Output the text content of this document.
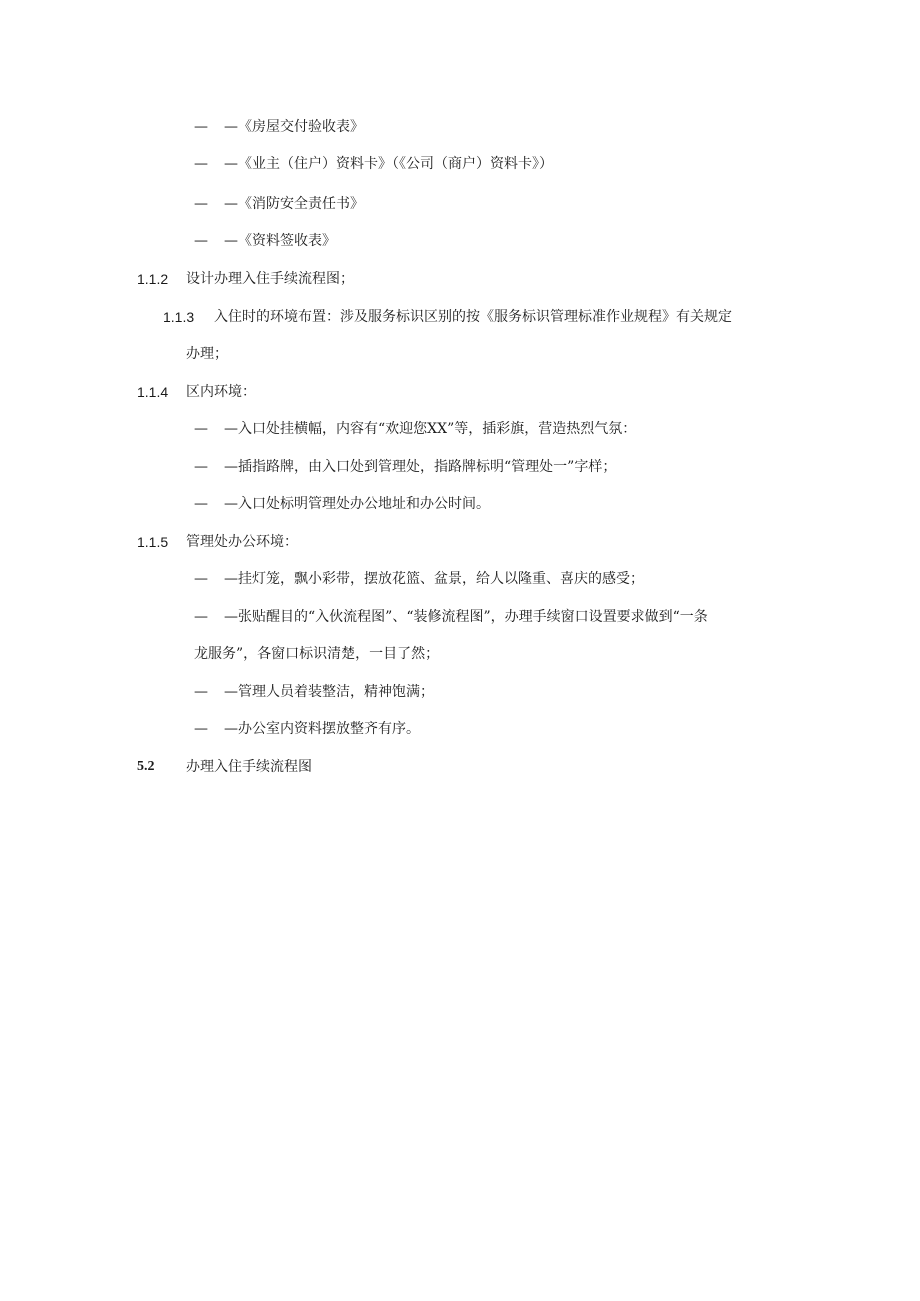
— —《房屋交付验收表》
— —《业主（住户）资料卡》（《公司（商户）资料卡》）
— —《消防安全责任书》
— —《资料签收表》
1.1.2 设计办理入住手续流程图；
1.1.3 入住时的环境布置：涉及服务标识区别的按《服务标识管理标准作业规程》有关规定
办理；
1.1.4 区内环境：
— —入口处挂横幅，内容有“欢迎您XX”等，插彩旗，营造热烈气氛：
— —插指路牌，由入口处到管理处，指路牌标明“管理处一”字样；
— —入口处标明管理处办公地址和办公时间。
1.1.5 管理处办公环境：
— —挂灯笼，飘小彩带，摆放花篮、盆景，给人以隆重、喜庆的感受；
— —张贴醒目的“入伙流程图”、“装修流程图”，办理手续窗口设置要求做到“一条
龙服务”，各窗口标识清楚，一目了然；
— —管理人员着装整洁，精神饱满；
— —办公室内资料摆放整齐有序。
5.2 办理入住手续流程图
